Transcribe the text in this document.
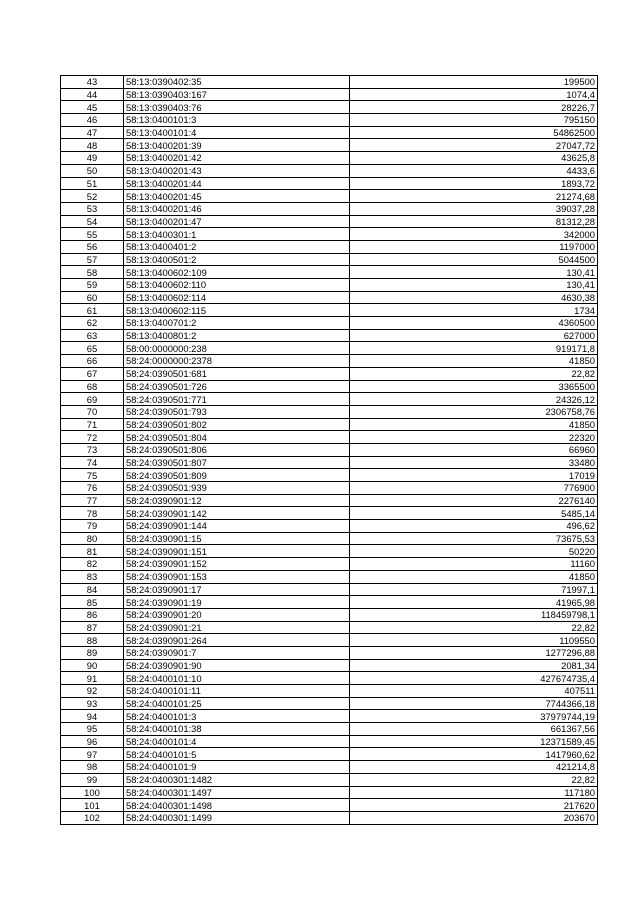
43	58:13:0390402:35	199500
44	58:13:0390403:167	1074,4
45	58:13:0390403:76	28226,7
46	58:13:0400101:3	795150
47	58:13:0400101:4	54862500
48	58:13:0400201:39	27047,72
49	58:13:0400201:42	43625,8
50	58:13:0400201:43	4433,6
51	58:13:0400201:44	1893,72
52	58:13:0400201:45	21274,68
53	58:13:0400201:46	39037,28
54	58:13:0400201:47	81312,28
55	58:13:0400301:1	342000
56	58:13:0400401:2	1197000
57	58:13:0400501:2	5044500
58	58:13:0400602:109	130,41
59	58:13:0400602:110	130,41
60	58:13:0400602:114	4630,38
61	58:13:0400602:115	1734
62	58:13:0400701:2	4360500
63	58:13:0400801:2	627000
65	58:00:0000000:238	919171,8
66	58:24:0000000:2378	41850
67	58:24:0390501:681	22,82
68	58:24:0390501:726	3365500
69	58:24:0390501:771	24326,12
70	58:24:0390501:793	2306758,76
71	58:24:0390501:802	41850
72	58:24:0390501:804	22320
73	58:24:0390501:806	66960
74	58:24:0390501:807	33480
75	58:24:0390501:809	17019
76	58:24:0390501:939	776900
77	58:24:0390901:12	2276140
78	58:24:0390901:142	5485,14
79	58:24:0390901:144	496,62
80	58:24:0390901:15	73675,53
81	58:24:0390901:151	50220
82	58:24:0390901:152	11160
83	58:24:0390901:153	41850
84	58:24:0390901:17	71997,1
85	58:24:0390901:19	41965,98
86	58:24:0390901:20	118459798,1
87	58:24:0390901:21	22,82
88	58:24:0390901:264	1109550
89	58:24:0390901:7	1277296,88
90	58:24:0390901:90	2081,34
91	58:24:0400101:10	427674735,4
92	58:24:0400101:11	407511
93	58:24:0400101:25	7744366,18
94	58:24:0400101:3	37979744,19
95	58:24:0400101:38	661367,56
96	58:24:0400101:4	12371589,45
97	58:24:0400101:5	1417960,62
98	58:24:0400101:9	421214,8
99	58:24:0400301:1482	22,82
100	58:24:0400301:1497	117180
101	58:24:0400301:1498	217620
102	58:24:0400301:1499	203670
